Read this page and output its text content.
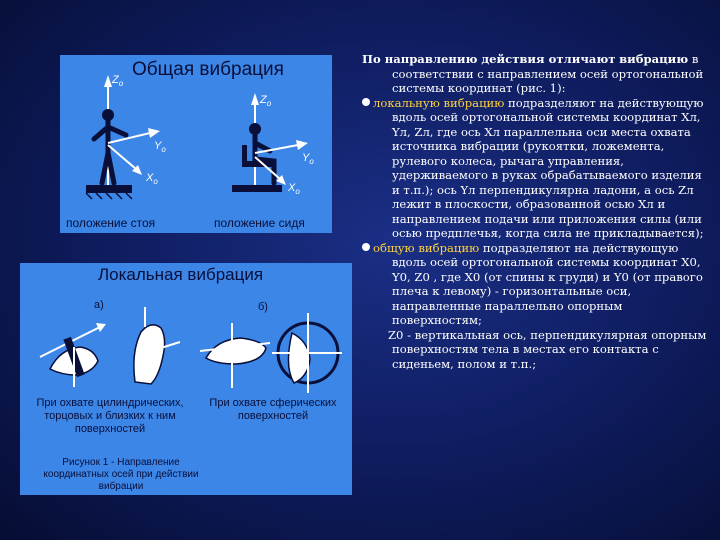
Общая вибрация
$Z_o$
$Y_o$
$X_o$
$Z_o$
$Y_o$
$X_o$
положение стоя	положение сидя
Локальная вибрация
а)	б)
При охвате цилиндрических, торцовых и близких к ним поверхностей
При охвате сферических поверхностей
Рисунок 1 - Направление координатных осей при действии вибрации

По направлению действия отличают вибрацию в соответствии с направлением осей ортогональной системы координат (рис. 1):

локальную вибрацию подразделяют на действующую вдоль осей ортогональной системы координат Xл, Yл, Zл, где ось Xл параллельна оси места охвата источника вибрации (рукоятки, ложемента, рулевого колеса, рычага управления, удерживаемого в руках обрабатываемого изделия и т.п.); ось Yл перпендикулярна ладони, а ось Zл лежит в плоскости, образованной осью Xл и направлением подачи или приложения силы (или осью предплечья, когда сила не прикладывается);

общую вибрацию подразделяют на действующую вдоль осей ортогональной системы координат X0, Y0, Z0 , где X0 (от спины к груди) и Y0 (от правого плеча к левому) - горизонтальные оси, направленные параллельно опорным поверхностям;

Z0 - вертикальная ось, перпендикулярная опорным поверхностям тела в местах его контакта с сиденьем, полом и т.п.;
